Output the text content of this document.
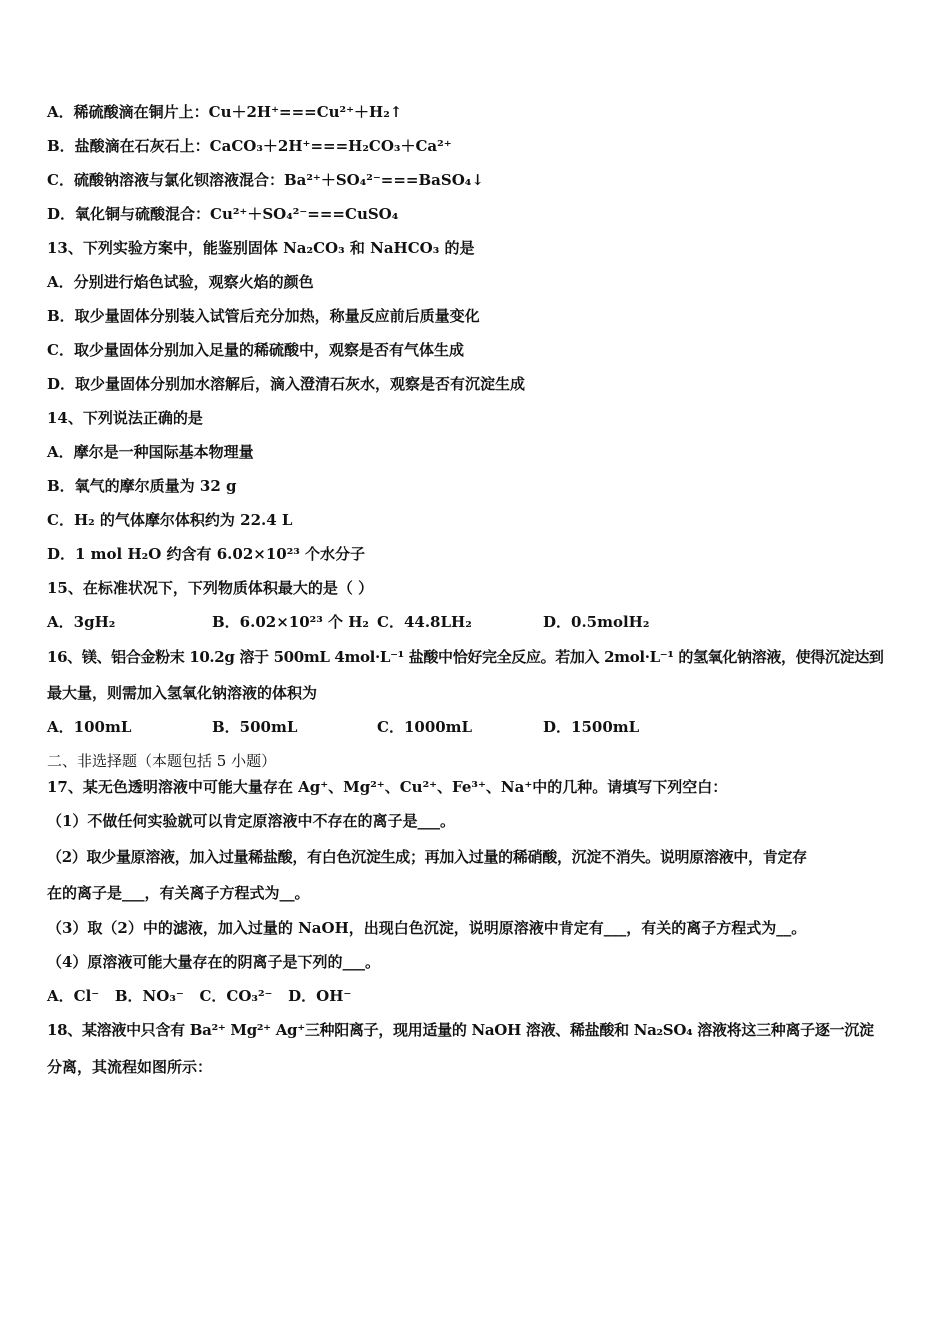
A．稀硫酸滴在铜片上：Cu＋2H⁺===Cu²⁺＋H₂↑
B．盐酸滴在石灰石上：CaCO₃＋2H⁺===H₂CO₃＋Ca²⁺
C．硫酸钠溶液与氯化钡溶液混合：Ba²⁺＋SO₄²⁻===BaSO₄↓
D．氧化铜与硫酸混合：Cu²⁺＋SO₄²⁻===CuSO₄
13、下列实验方案中，能鉴别固体 Na₂CO₃ 和 NaHCO₃ 的是
A．分别进行焰色试验，观察火焰的颜色
B．取少量固体分别装入试管后充分加热，称量反应前后质量变化
C．取少量固体分别加入足量的稀硫酸中，观察是否有气体生成
D．取少量固体分别加水溶解后，滴入澄清石灰水，观察是否有沉淀生成
14、下列说法正确的是
A．摩尔是一种国际基本物理量
B．氧气的摩尔质量为 32 g
C．H₂ 的气体摩尔体积约为 22.4 L
D．1 mol H₂O 约含有 6.02×10²³ 个水分子
15、在标准状况下，下列物质体积最大的是（ ）
A．3gH₂	B．6.02×10²³ 个 H₂ C．44.8LH₂	D．0.5molH₂
16、镁、铝合金粉末 10.2g 溶于 500mL 4mol·L⁻¹ 盐酸中恰好完全反应。若加入 2mol·L⁻¹ 的氢氧化钠溶液，使得沉淀达到
最大量，则需加入氢氧化钠溶液的体积为
A．100mL	B．500mL	C．1000mL	D．1500mL
二、非选择题（本题包括 5 小题）
17、某无色透明溶液中可能大量存在 Ag⁺、Mg²⁺、Cu²⁺、Fe³⁺、Na⁺中的几种。请填写下列空白：
（1）不做任何实验就可以肯定原溶液中不存在的离子是___。
（2）取少量原溶液，加入过量稀盐酸，有白色沉淀生成；再加入过量的稀硝酸，沉淀不消失。说明原溶液中，肯定存
在的离子是___，有关离子方程式为__。
（3）取（2）中的滤液，加入过量的 NaOH，出现白色沉淀，说明原溶液中肯定有___，有关的离子方程式为__。
（4）原溶液可能大量存在的阴离子是下列的___。
A．Cl⁻   B．NO₃⁻   C．CO₃²⁻   D．OH⁻
18、某溶液中只含有 Ba²⁺ Mg²⁺ Ag⁺三种阳离子，现用适量的 NaOH 溶液、稀盐酸和 Na₂SO₄ 溶液将这三种离子逐一沉淀
分离，其流程如图所示：
